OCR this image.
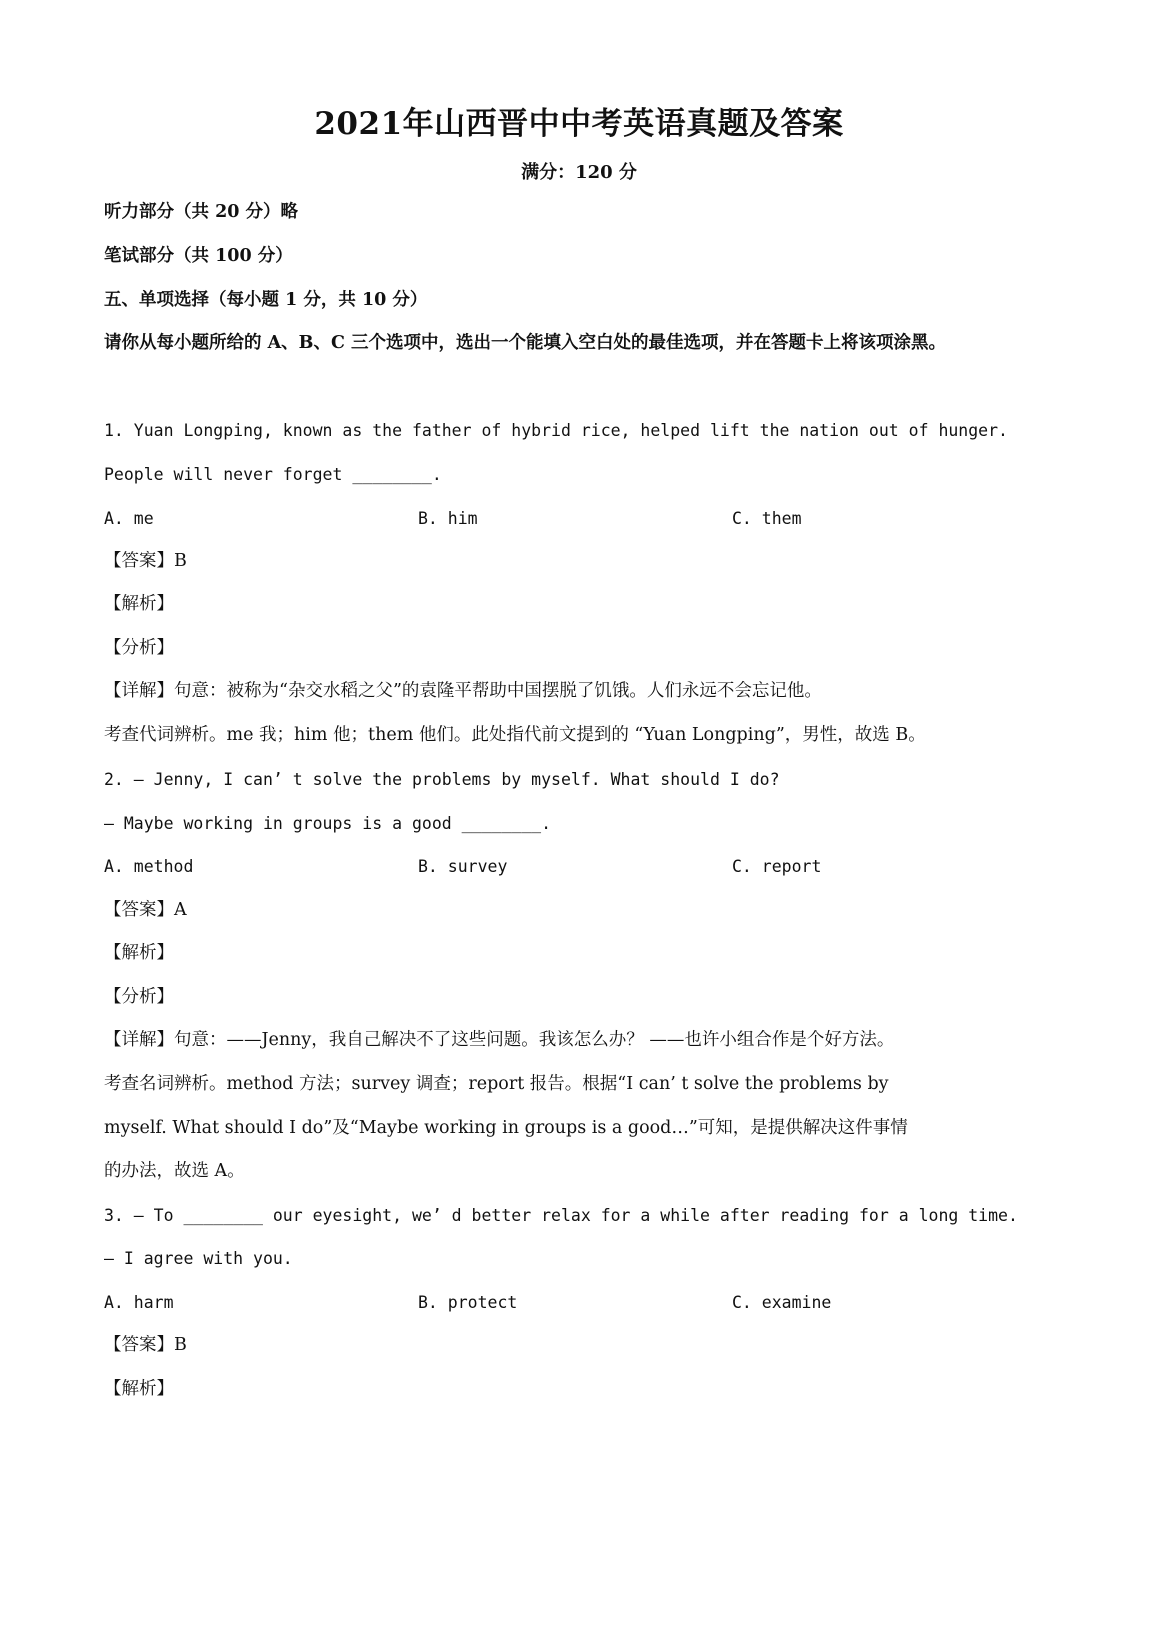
2021年山西晋中中考英语真题及答案
满分：120 分
听力部分（共 20 分）略
笔试部分（共 100 分）
五、单项选择（每小题 1 分，共 10 分）
请你从每小题所给的 A、B、C 三个选项中，选出一个能填入空白处的最佳选项，并在答题卡上将该项涂黑。
1. Yuan Longping, known as the father of hybrid rice, helped lift the nation out of hunger.
People will never forget ________.
A. me	B. him	C. them
【答案】B
【解析】
【分析】
【详解】句意：被称为“杂交水稻之父”的袁隆平帮助中国摆脱了饥饿。人们永远不会忘记他。
考查代词辨析。me 我；him 他；them 他们。此处指代前文提到的 “Yuan Longping”，男性，故选 B。
2. — Jenny, I can’ t solve the problems by myself. What should I do?
— Maybe working in groups is a good ________.
A. method	B. survey	C. report
【答案】A
【解析】
【分析】
【详解】句意：——Jenny，我自己解决不了这些问题。我该怎么办？ ——也许小组合作是个好方法。
考查名词辨析。method 方法；survey 调查；report 报告。根据“I can’ t solve the problems by
myself. What should I do”及“Maybe working in groups is a good…”可知，是提供解决这件事情
的办法，故选 A。
3. — To ________ our eyesight, we’ d better relax for a while after reading for a long time.
— I agree with you.
A. harm	B. protect	C. examine
【答案】B
【解析】
